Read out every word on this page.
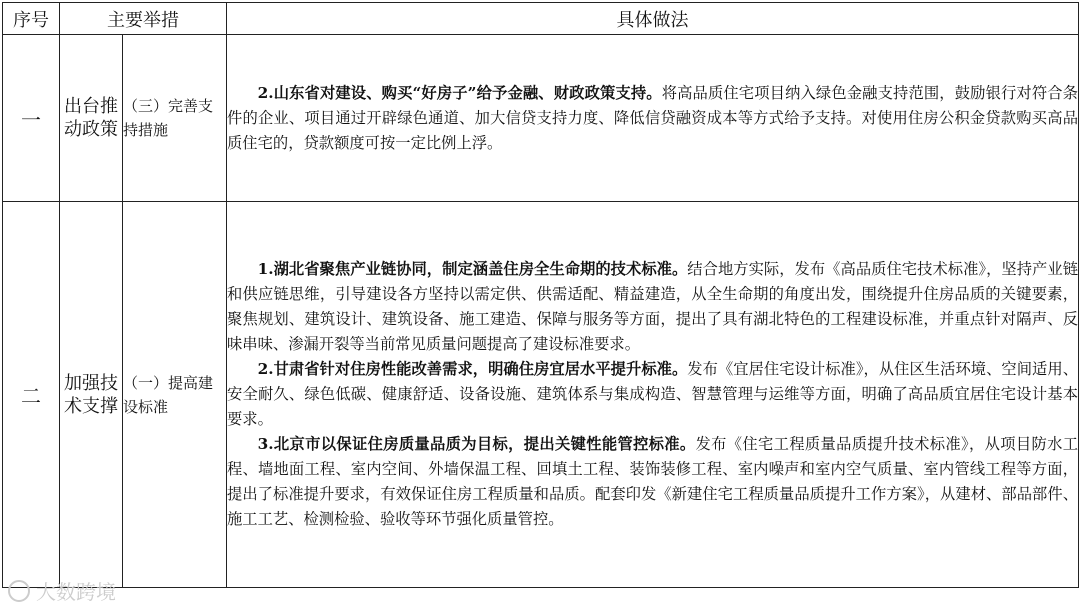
序号	主要举措		具体做法
一	出台推动政策	（三）完善支持措施	2.山东省对建设、购买“好房子”给予金融、财政政策支持。将高品质住宅项目纳入绿色金融支持范围，鼓励银行对符合条件的企业、项目通过开辟绿色通道、加大信贷支持力度、降低信贷融资成本等方式给予支持。对使用住房公积金贷款购买高品质住宅的，贷款额度可按一定比例上浮。

二	加强技术支撑	（一）提高建设标准	1.湖北省聚焦产业链协同，制定涵盖住房全生命期的技术标准。结合地方实际，发布《高品质住宅技术标准》，坚持产业链和供应链思维，引导建设各方坚持以需定供、供需适配、精益建造，从全生命期的角度出发，围绕提升住房品质的关键要素，聚焦规划、建筑设计、建筑设备、施工建造、保障与服务等方面，提出了具有湖北特色的工程建设标准，并重点针对隔声、反味串味、渗漏开裂等当前常见质量问题提高了建设标准要求。
2.甘肃省针对住房性能改善需求，明确住房宜居水平提升标准。发布《宜居住宅设计标准》，从住区生活环境、空间适用、安全耐久、绿色低碳、健康舒适、设备设施、建筑体系与集成构造、智慧管理与运维等方面，明确了高品质宜居住宅设计基本要求。
3.北京市以保证住房质量品质为目标，提出关键性能管控标准。发布《住宅工程质量品质提升技术标准》，从项目防水工程、墙地面工程、室内空间、外墙保温工程、回填土工程、装饰装修工程、室内噪声和室内空气质量、室内管线工程等方面，提出了标准提升要求，有效保证住房工程质量和品质。配套印发《新建住宅工程质量品质提升工作方案》，从建材、部品部件、施工工艺、检测检验、验收等环节强化质量管控。
大数跨境
